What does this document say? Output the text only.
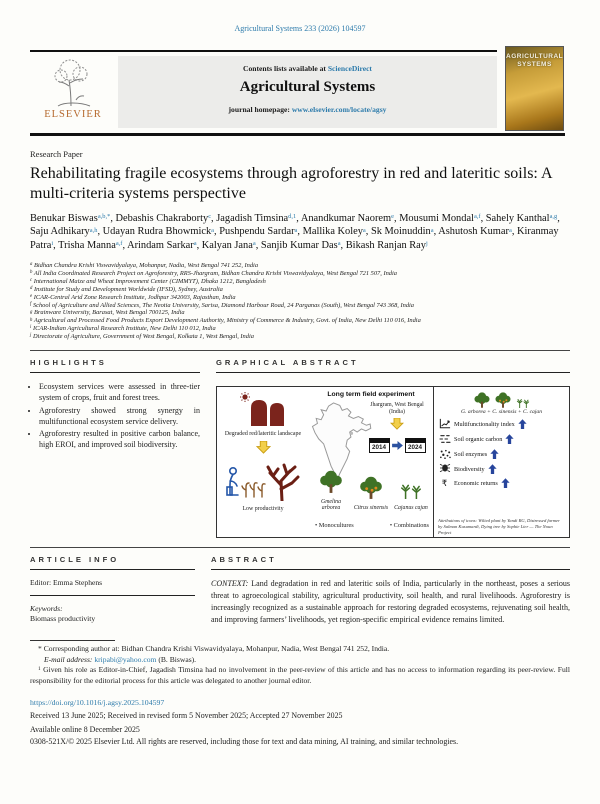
Agricultural Systems 233 (2026) 104597
ELSEVIER
Contents lists available at ScienceDirect
Agricultural Systems
journal homepage: www.elsevier.com/locate/agsy
AGRICULTURAL
SYSTEMS
Research Paper
Rehabilitating fragile ecosystems through agroforestry in red and lateritic soils: A multi-criteria systems perspective
Benukar Biswas$^{a,b,*}$, Debashis Chakraborty$^c$, Jagadish Timsina$^{d,1}$, Anandkumar Naorem$^e$, Mousumi Mondal$^{a,f}$, Sahely Kanthal$^{a,g}$, Saju Adhikary$^{a,h}$, Udayan Rudra Bhowmick$^a$, Pushpendu Sardar$^a$, Mallika Koley$^a$, Sk Moinuddin$^a$, Ashutosh Kumar$^a$, Kiranmay Patra$^i$, Trisha Manna$^{a,f}$, Arindam Sarkar$^a$, Kalyan Jana$^a$, Sanjib Kumar Das$^a$, Bikash Ranjan Ray$^j$
$^a$ Bidhan Chandra Krishi Viswavidyalaya, Mohanpur, Nadia, West Bengal 741 252, India
$^b$ All India Coordinated Research Project on Agroforestry, RRS-Jhargram, Bidhan Chandra Krishi Viswavidyalaya, West Bengal 721 507, India
$^c$ International Maize and Wheat Improvement Center (CIMMYT), Dhaka 1212, Bangladesh
$^d$ Institute for Study and Development Worldwide (IFSD), Sydney, Australia
$^e$ ICAR-Central Arid Zone Research Institute, Jodhpur 342003, Rajasthan, India
$^f$ School of Agriculture and Allied Sciences, The Neotia University, Sarisa, Diamond Harbour Road, 24 Parganas (South), West Bengal 743 368, India
$^g$ Brainware University, Barasat, West Bengal 700125, India
$^h$ Agricultural and Processed Food Products Export Development Authority, Ministry of Commerce & Industry, Govt. of India, New Delhi 110 016, India
$^i$ ICAR-Indian Agricultural Research Institute, New Delhi 110 012, India
$^j$ Directorate of Agriculture, Government of West Bengal, Kolkata 1, West Bengal, India
HIGHLIGHTS
• Ecosystem services were assessed in three-tier system of crops, fruit and forest trees.
• Agroforestry showed strong synergy in multifunctional ecosystem service delivery.
• Agroforestry resulted in positive carbon balance, high EROI, and improved soil biodiversity.
GRAPHICAL ABSTRACT
Degraded red/lateritic landscape
Low productivity
Long term field experiment
Jhargram, West Bengal (India)
2014	2024
Gmelina arborea	Citrus sinensis	Cajanus cajan
• Monocultures	• Combinations
G. arborea + C. sinensis + C. cajan
Multifunctionality index
Soil organic carbon
Soil enzymes
Biodiversity
₹	Economic returns
Attributions of icons: Wilted plant by Yandi RG, Distressed farmer by Salman Kusumardi, Dying tree by Sophie Lier — The Noun Project
ARTICLE INFO
Editor: Emma Stephens
Keywords:
Biomass productivity
ABSTRACT
CONTEXT: Land degradation in red and lateritic soils of India, particularly in the northeast, poses a serious threat to agroecological stability, agricultural productivity, soil health, and rural livelihoods. Agroforestry is increasingly recognized as a sustainable approach for restoring degraded ecosystems, rejuvenating soil health, and improving farmers’ livelihoods, yet region-specific empirical evidence remains limited.
* Corresponding author at: Bidhan Chandra Krishi Viswavidyalaya, Mohanpur, Nadia, West Bengal 741 252, India.
E-mail address: kripabi@yahoo.com (B. Biswas).
$^1$ Given his role as Editor-in-Chief, Jagadish Timsina had no involvement in the peer-review of this article and has no access to information regarding its peer-review. Full responsibility for the editorial process for this article was delegated to another journal editor.
https://doi.org/10.1016/j.agsy.2025.104597
Received 13 June 2025; Received in revised form 5 November 2025; Accepted 27 November 2025
Available online 8 December 2025
0308-521X/© 2025 Elsevier Ltd. All rights are reserved, including those for text and data mining, AI training, and similar technologies.
